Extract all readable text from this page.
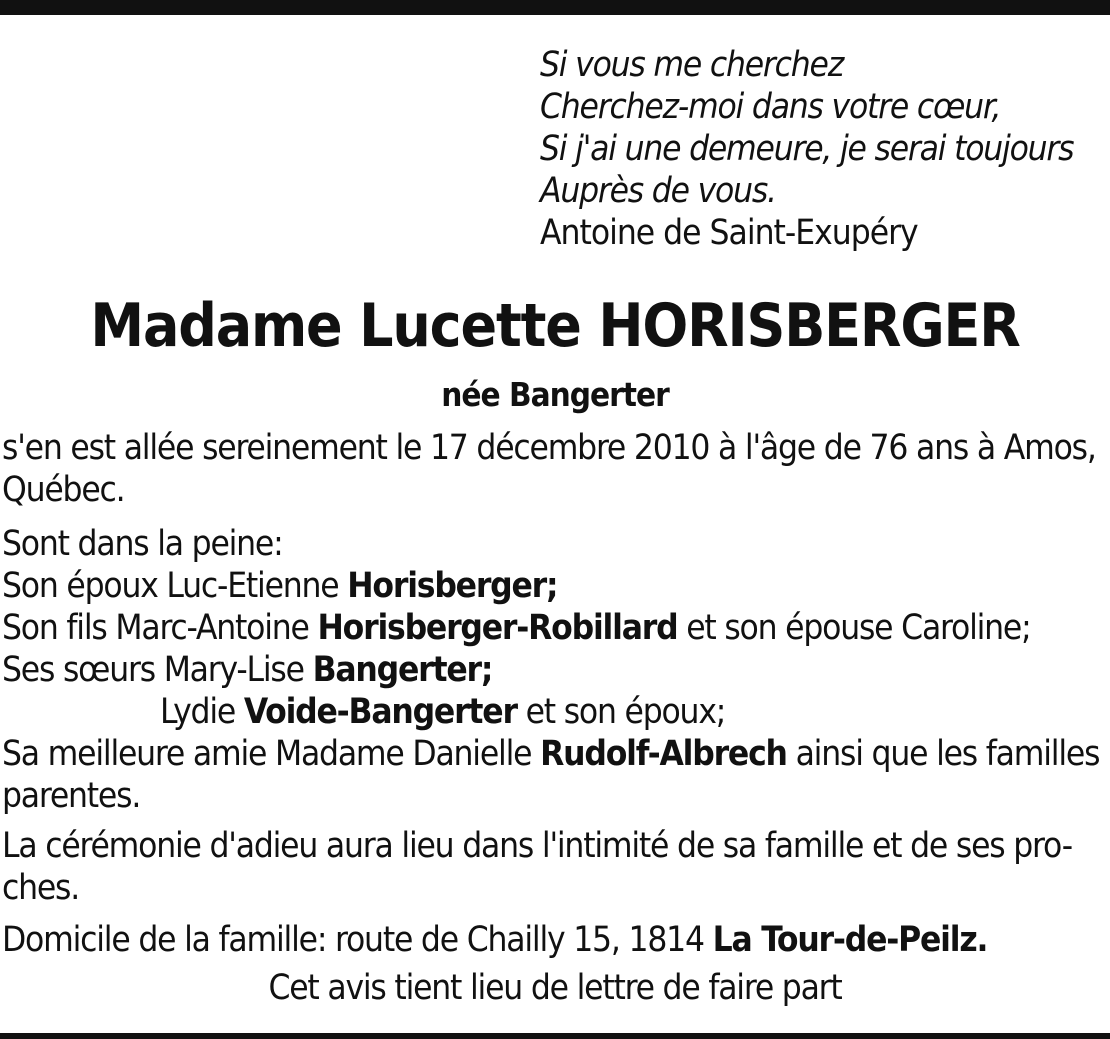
Si vous me cherchez
Cherchez-moi dans votre cœur,
Si j'ai une demeure, je serai toujours
Auprès de vous.
Antoine de Saint-Exupéry
Madame Lucette HORISBERGER
née Bangerter
s'en est allée sereinement le 17 décembre 2010 à l'âge de 76 ans à Amos,
Québec.
Sont dans la peine:
Son époux Luc-Etienne Horisberger;
Son fils Marc-Antoine Horisberger-Robillard et son épouse Caroline;
Ses sœurs Mary-Lise Bangerter;
Lydie Voide-Bangerter et son époux;
Sa meilleure amie Madame Danielle Rudolf-Albrech ainsi que les familles
parentes.
La cérémonie d'adieu aura lieu dans l'intimité de sa famille et de ses pro-
ches.
Domicile de la famille: route de Chailly 15, 1814 La Tour-de-Peilz.
Cet avis tient lieu de lettre de faire part
